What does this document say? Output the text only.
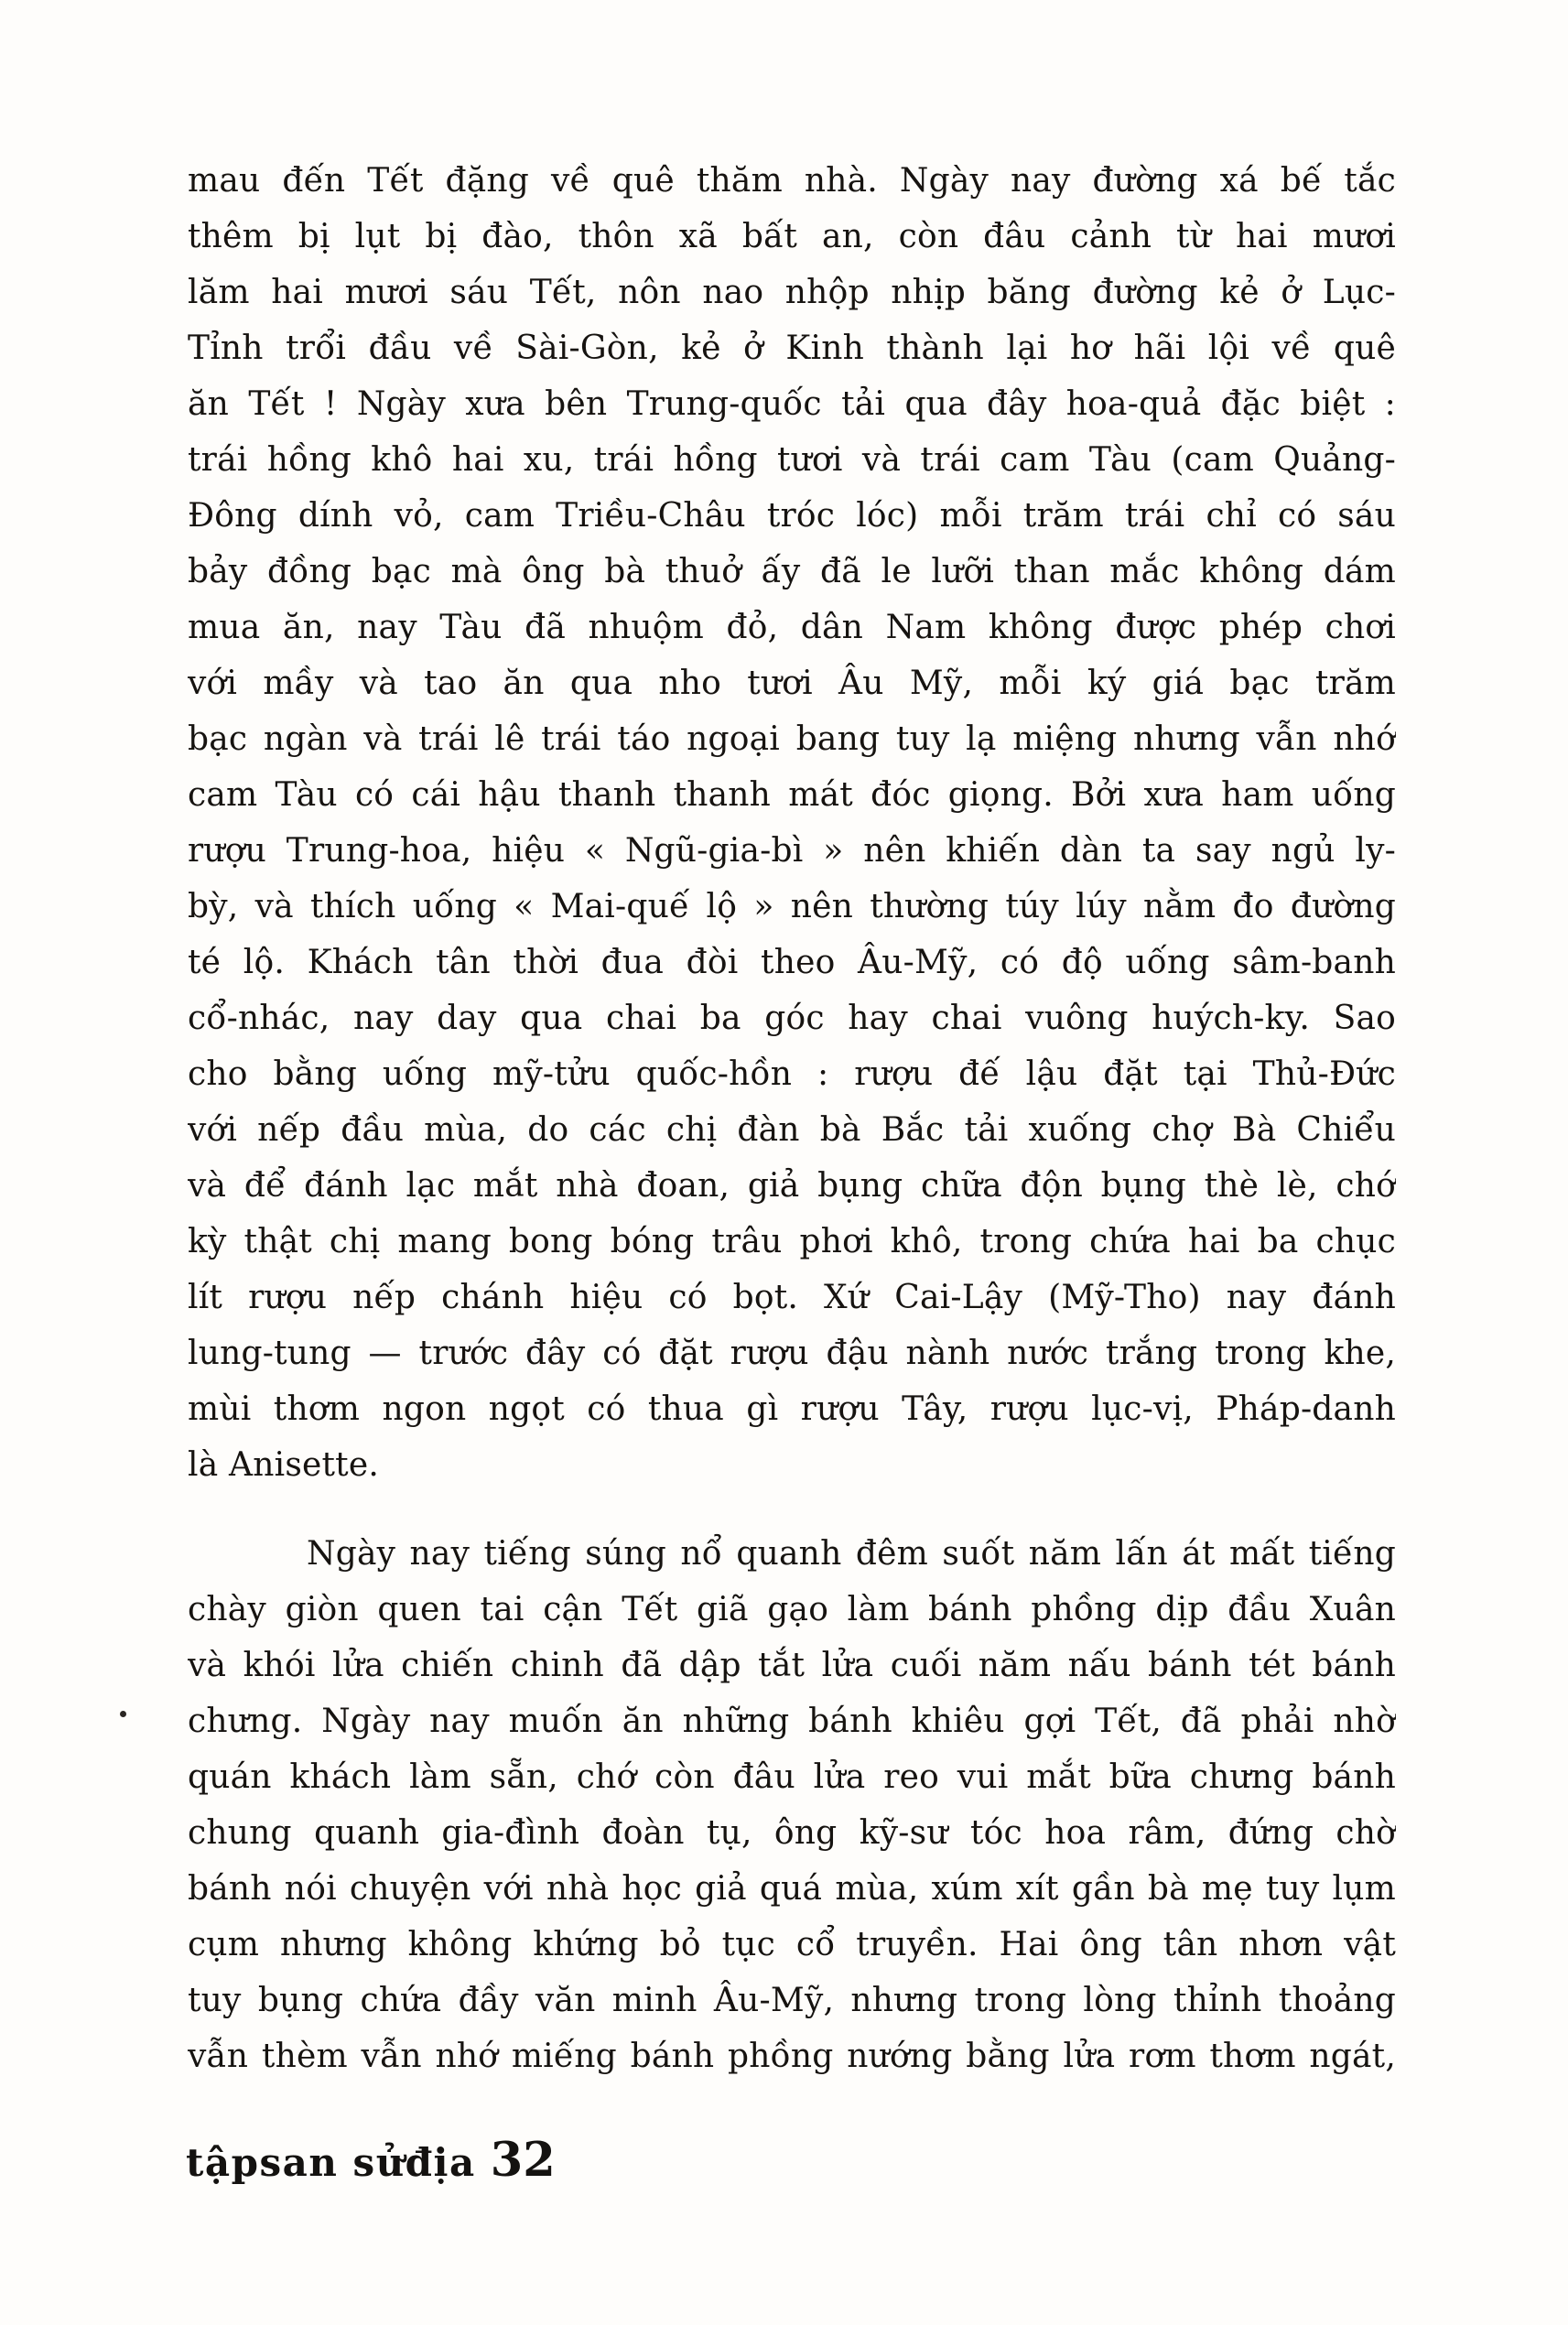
mau đến Tết đặng về quê thăm nhà. Ngày nay đường xá bế tắc
thêm bị lụt bị đào, thôn xã bất an, còn đâu cảnh từ hai mươi
lăm hai mươi sáu Tết, nôn nao nhộp nhịp băng đường kẻ ở Lục-
Tỉnh trổi đầu về Sài-Gòn, kẻ ở Kinh thành lại hơ hãi lội về quê
ăn Tết ! Ngày xưa bên Trung-quốc tải qua đây hoa-quả đặc biệt :
trái hồng khô hai xu, trái hồng tươi và trái cam Tàu (cam Quảng-
Đông dính vỏ, cam Triều-Châu tróc lóc) mỗi trăm trái chỉ có sáu
bảy đồng bạc mà ông bà thuở ấy đã le lưỡi than mắc không dám
mua ăn, nay Tàu đã nhuộm đỏ, dân Nam không được phép chơi
với mầy và tao ăn qua nho tươi Âu Mỹ, mỗi ký giá bạc trăm
bạc ngàn và trái lê trái táo ngoại bang tuy lạ miệng nhưng vẫn nhớ
cam Tàu có cái hậu thanh thanh mát đóc giọng. Bởi xưa ham uống
rượu Trung-hoa, hiệu « Ngũ-gia-bì » nên khiến dàn ta say ngủ ly-
bỳ, và thích uống « Mai-quế lộ » nên thường túy lúy nằm đo đường
té lộ. Khách tân thời đua đòi theo Âu-Mỹ, có độ uống sâm-banh
cổ-nhác, nay day qua chai ba góc hay chai vuông huých-ky. Sao
cho bằng uống mỹ-tửu quốc-hồn : rượu đế lậu đặt tại Thủ-Đức
với nếp đầu mùa, do các chị đàn bà Bắc tải xuống chợ Bà Chiểu
và để đánh lạc mắt nhà đoan, giả bụng chữa độn bụng thè lè, chớ
kỳ thật chị mang bong bóng trâu phơi khô, trong chứa hai ba chục
lít rượu nếp chánh hiệu có bọt. Xứ Cai-Lậy (Mỹ-Tho) nay đánh
lung-tung — trước đây có đặt rượu đậu nành nước trắng trong khe,
mùi thơm ngon ngọt có thua gì rượu Tây, rượu lục-vị, Pháp-danh
là Anisette.
Ngày nay tiếng súng nổ quanh đêm suốt năm lấn át mất tiếng
chày giòn quen tai cận Tết giã gạo làm bánh phồng dịp đầu Xuân
và khói lửa chiến chinh đã dập tắt lửa cuối năm nấu bánh tét bánh
chưng. Ngày nay muốn ăn những bánh khiêu gợi Tết, đã phải nhờ
quán khách làm sẵn, chớ còn đâu lửa reo vui mắt bữa chưng bánh
chung quanh gia-đình đoàn tụ, ông kỹ-sư tóc hoa râm, đứng chờ
bánh nói chuyện với nhà học giả quá mùa, xúm xít gần bà mẹ tuy lụm
cụm nhưng không khứng bỏ tục cổ truyền. Hai ông tân nhơn vật
tuy bụng chứa đầy văn minh Âu-Mỹ, nhưng trong lòng thỉnh thoảng
vẫn thèm vẫn nhớ miếng bánh phồng nướng bằng lửa rơm thơm ngát,
tậpsan sửđịa 32
